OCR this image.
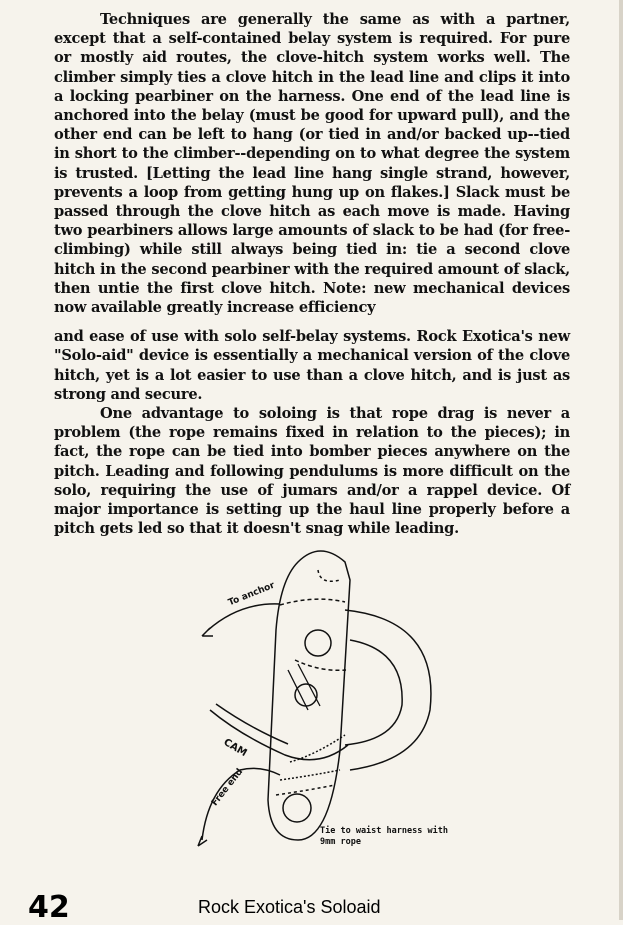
Techniques are generally the same as with a partner, except that a self-contained belay system is required. For pure or mostly aid routes, the clove-hitch system works well. The climber simply ties a clove hitch in the lead line and clips it into a locking pearbiner on the harness. One end of the lead line is anchored into the belay (must be good for upward pull), and the other end can be left to hang (or tied in and/or backed up--tied in short to the climber--depending on to what degree the system is trusted. [Letting the lead line hang single strand, however, prevents a loop from getting hung up on flakes.] Slack must be passed through the clove hitch as each move is made. Having two pearbiners allows large amounts of slack to be had (for free-climbing) while still always being tied in: tie a second clove hitch in the second pearbiner with the required amount of slack, then untie the first clove hitch. Note: new mechanical devices now available greatly increase efficiency

and ease of use with solo self-belay systems. Rock Exotica's new "Solo-aid" device is essentially a mechanical version of the clove hitch, yet is a lot easier to use than a clove hitch, and is just as strong and secure.

One advantage to soloing is that rope drag is never a problem (the rope remains fixed in relation to the pieces); in fact, the rope can be tied into bomber pieces anywhere on the pitch. Leading and following pendulums is more difficult on the solo, requiring the use of jumars and/or a rappel device. Of major importance is setting up the haul line properly before a pitch gets led so that it doesn't snag while leading.

To anchor
CAM
Free end
Tie to waist harness with 9mm rope
42	Rock Exotica's Soloaid
